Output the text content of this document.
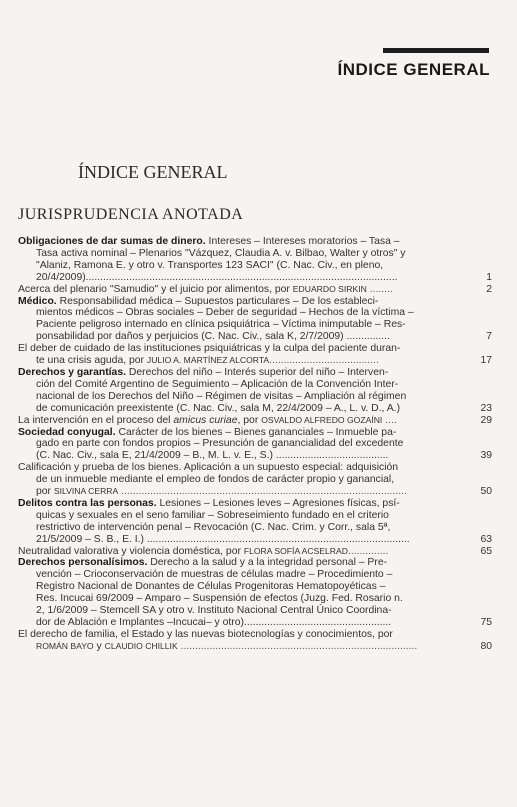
ÍNDICE GENERAL
ÍNDICE GENERAL
JURISPRUDENCIA ANOTADA
Obligaciones de dar sumas de dinero. Intereses – Intereses moratorios – Tasa –
Tasa activa nominal – Plenarios "Vázquez, Claudia A. v. Bilbao, Walter y otros" y
"Alaniz, Ramona E. y otro v. Transportes 123 SACI" (C. Nac. Civ., en pleno,
20/4/2009)............................................................................................................	1
Acerca del plenario "Samudio" y el juicio por alimentos, por EDUARDO SIRKIN ........	2
Médico. Responsabilidad médica – Supuestos particulares – De los estableci-
mientos médicos – Obras sociales – Deber de seguridad – Hechos de la víctima –
Paciente peligroso internado en clínica psiquiátrica – Víctima inimputable – Res-
ponsabilidad por daños y perjuicios (C. Nac. Civ., sala K, 2/7/2009) ...............	7
El deber de cuidado de las instituciones psiquiátricas y la culpa del paciente duran-
te una crisis aguda, por JULIO A. MARTÍNEZ ALCORTA......................................	17
Derechos y garantías. Derechos del niño – Interés superior del niño – Interven-
ción del Comité Argentino de Seguimiento – Aplicación de la Convención Inter-
nacional de los Derechos del Niño – Régimen de visitas – Ampliación al régimen
de comunicación preexistente (C. Nac. Civ., sala M, 22/4/2009 – A., L. v. D., A.)	23
La intervención en el proceso del amicus curiae, por OSVALDO ALFREDO GOZAÍNI ....	29
Sociedad conyugal. Carácter de los bienes – Bienes gananciales – Inmueble pa-
gado en parte con fondos propios – Presunción de ganancialidad del excedente
(C. Nac. Civ., sala E, 21/4/2009 – B., M. L. v. E., S.) .......................................	39
Calificación y prueba de los bienes. Aplicación a un supuesto especial: adquisición
de un inmueble mediante el empleo de fondos de carácter propio y ganancial,
por SILVINA CERRA ...................................................................................................	50
Delitos contra las personas. Lesiones – Lesiones leves – Agresiones físicas, psí-
quicas y sexuales en el seno familiar – Sobreseimiento fundado en el criterio
restrictivo de intervención penal – Revocación (C. Nac. Crim. y Corr., sala 5ª,
21/5/2009 – S. B., E. I.) ...........................................................................................	63
Neutralidad valorativa y violencia doméstica, por FLORA SOFÍA ACSELRAD..............	65
Derechos personalísimos. Derecho a la salud y a la integridad personal – Pre-
vención – Crioconservación de muestras de células madre – Procedimiento –
Registro Nacional de Donantes de Células Progenitoras Hematopoyéticas –
Res. Incucai 69/2009 – Amparo – Suspensión de efectos (Juzg. Fed. Rosario n.
2, 1/6/2009 – Stemcell SA y otro v. Instituto Nacional Central Único Coordina-
dor de Ablación e Implantes –Incucai– y otro)...................................................	75
El derecho de familia, el Estado y las nuevas biotecnologías y conocimientos, por
ROMÁN BAYO y CLAUDIO CHILLIK ..................................................................................	80
